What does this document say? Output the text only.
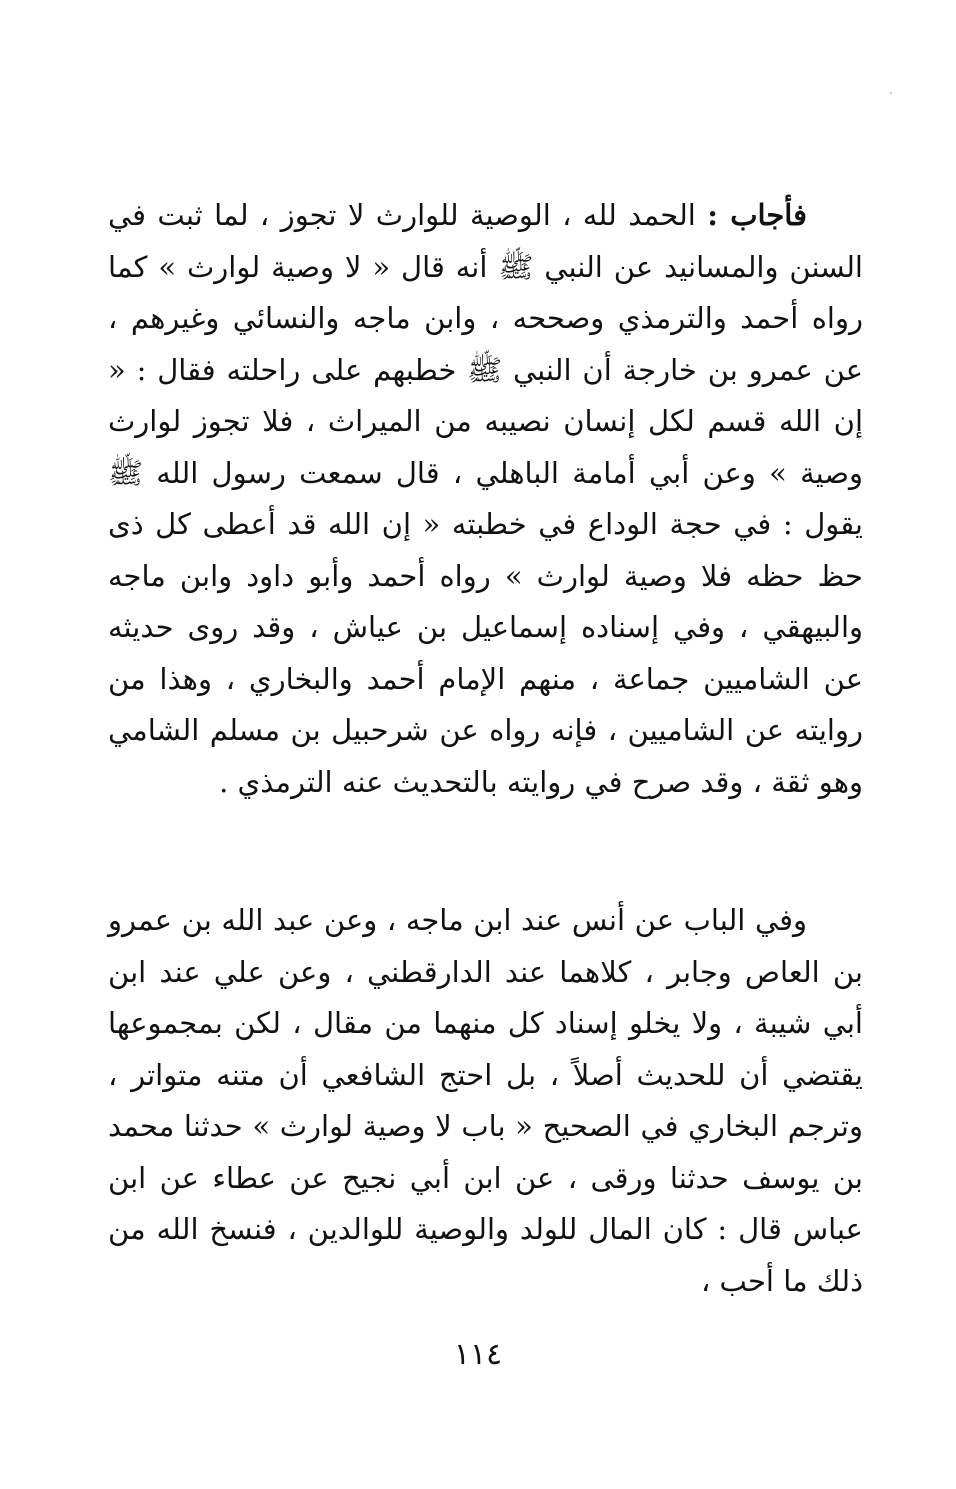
فأجاب : الحمد لله ، الوصية للوارث لا تجوز ، لما ثبت في السنن والمسانيد عن النبي ﷺ أنه قال « لا وصية لوارث » كما رواه أحمد والترمذي وصححه ، وابن ماجه والنسائي وغيرهم ، عن عمرو بن خارجة أن النبي ﷺ خطبهم على راحلته فقال : « إن الله قسم لكل إنسان نصيبه من الميراث ، فلا تجوز لوارث وصية » وعن أبي أمامة الباهلي ، قال سمعت رسول الله ﷺ يقول : في حجة الوداع في خطبته « إن الله قد أعطى كل ذى حظ حظه فلا وصية لوارث » رواه أحمد وأبو داود وابن ماجه والبيهقي ، وفي إسناده إسماعيل بن عياش ، وقد روى حديثه عن الشاميين جماعة ، منهم الإمام أحمد والبخاري ، وهذا من روايته عن الشاميين ، فإنه رواه عن شرحبيل بن مسلم الشامي وهو ثقة ، وقد صرح في روايته بالتحديث عنه الترمذي .

وفي الباب عن أنس عند ابن ماجه ، وعن عبد الله بن عمرو بن العاص وجابر ، كلاهما عند الدارقطني ، وعن علي عند ابن أبي شيبة ، ولا يخلو إسناد كل منهما من مقال ، لكن بمجموعها يقتضي أن للحديث أصلاً ، بل احتج الشافعي أن متنه متواتر ، وترجم البخاري في الصحيح « باب لا وصية لوارث » حدثنا محمد بن يوسف حدثنا ورقى ، عن ابن أبي نجيح عن عطاء عن ابن عباس قال : كان المال للولد والوصية للوالدين ، فنسخ الله من ذلك ما أحب ،

١١٤
